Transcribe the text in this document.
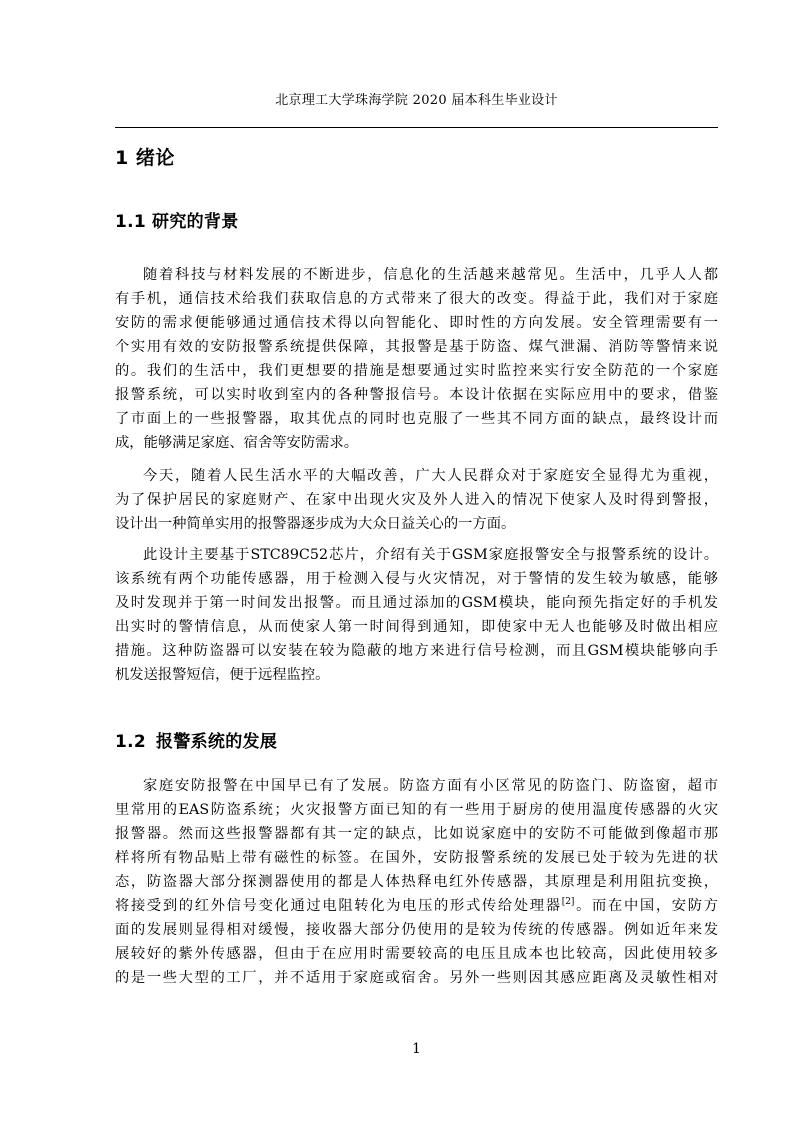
北京理工大学珠海学院 2020 届本科生毕业设计
1 绪论
1.1 研究的背景
随着科技与材料发展的不断进步，信息化的生活越来越常见。生活中，几乎人人都
有手机，通信技术给我们获取信息的方式带来了很大的改变。得益于此，我们对于家庭
安防的需求便能够通过通信技术得以向智能化、即时性的方向发展。安全管理需要有一
个实用有效的安防报警系统提供保障，其报警是基于防盗、煤气泄漏、消防等警情来说
的。我们的生活中，我们更想要的措施是想要通过实时监控来实行安全防范的一个家庭
报警系统，可以实时收到室内的各种警报信号。本设计依据在实际应用中的要求，借鉴
了市面上的一些报警器，取其优点的同时也克服了一些其不同方面的缺点，最终设计而
成，能够满足家庭、宿舍等安防需求。
今天，随着人民生活水平的大幅改善，广大人民群众对于家庭安全显得尤为重视，
为了保护居民的家庭财产、在家中出现火灾及外人进入的情况下使家人及时得到警报，
设计出一种简单实用的报警器逐步成为大众日益关心的一方面。
此设计主要基于STC89C52芯片，介绍有关于GSM家庭报警安全与报警系统的设计。
该系统有两个功能传感器，用于检测入侵与火灾情况，对于警情的发生较为敏感，能够
及时发现并于第一时间发出报警。而且通过添加的GSM模块，能向预先指定好的手机发
出实时的警情信息，从而使家人第一时间得到通知，即使家中无人也能够及时做出相应
措施。这种防盗器可以安装在较为隐蔽的地方来进行信号检测，而且GSM模块能够向手
机发送报警短信，便于远程监控。
1.2 报警系统的发展
家庭安防报警在中国早已有了发展。防盗方面有小区常见的防盗门、防盗窗，超市
里常用的EAS防盗系统；火灾报警方面已知的有一些用于厨房的使用温度传感器的火灾
报警器。然而这些报警器都有其一定的缺点，比如说家庭中的安防不可能做到像超市那
样将所有物品贴上带有磁性的标签。在国外，安防报警系统的发展已处于较为先进的状
态，防盗器大部分探测器使用的都是人体热释电红外传感器，其原理是利用阻抗变换，
将接受到的红外信号变化通过电阻转化为电压的形式传给处理器[2]。而在中国，安防方
面的发展则显得相对缓慢，接收器大部分仍使用的是较为传统的传感器。例如近年来发
展较好的紫外传感器，但由于在应用时需要较高的电压且成本也比较高，因此使用较多
的是一些大型的工厂，并不适用于家庭或宿舍。另外一些则因其感应距离及灵敏性相对
1
